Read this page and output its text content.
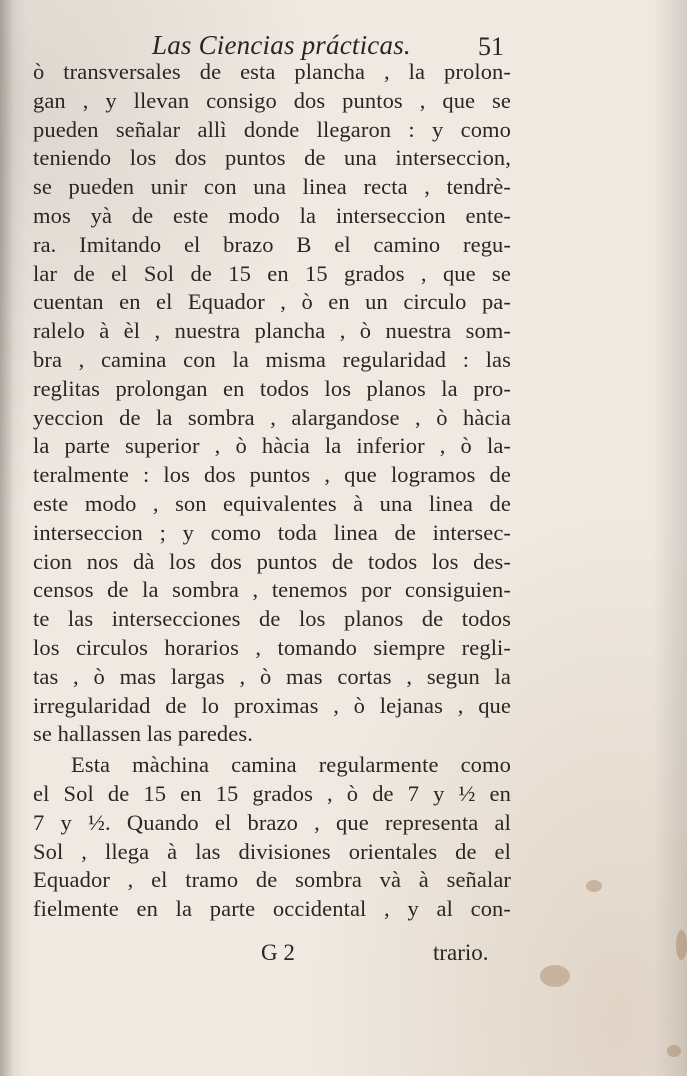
Las Ciencias prácticas.	51
ò transversales de esta plancha , la prolon-
gan , y llevan consigo dos puntos , que se
pueden señalar allì donde llegaron : y como
teniendo los dos puntos de una interseccion,
se pueden unir con una linea recta , tendrè-
mos yà de este modo la interseccion ente-
ra. Imitando el brazo B el camino regu-
lar de el Sol de 15 en 15 grados , que se
cuentan en el Equador , ò en un circulo pa-
ralelo à èl , nuestra plancha , ò nuestra som-
bra , camina con la misma regularidad : las
reglitas prolongan en todos los planos la pro-
yeccion de la sombra , alargandose , ò hàcia
la parte superior , ò hàcia la inferior , ò la-
teralmente : los dos puntos , que logramos de
este modo , son equivalentes à una linea de
interseccion ; y como toda linea de intersec-
cion nos dà los dos puntos de todos los des-
censos de la sombra , tenemos por consiguien-
te las intersecciones de los planos de todos
los circulos horarios , tomando siempre regli-
tas , ò mas largas , ò mas cortas , segun la
irregularidad de lo proximas , ò lejanas , que
se hallassen las paredes.
Esta màchina camina regularmente como
el Sol de 15 en 15 grados , ò de 7 y ½ en
7 y ½. Quando el brazo , que representa al
Sol , llega à las divisiones orientales de el
Equador , el tramo de sombra và à señalar
fielmente en la parte occidental , y al con-
G 2	trario.
